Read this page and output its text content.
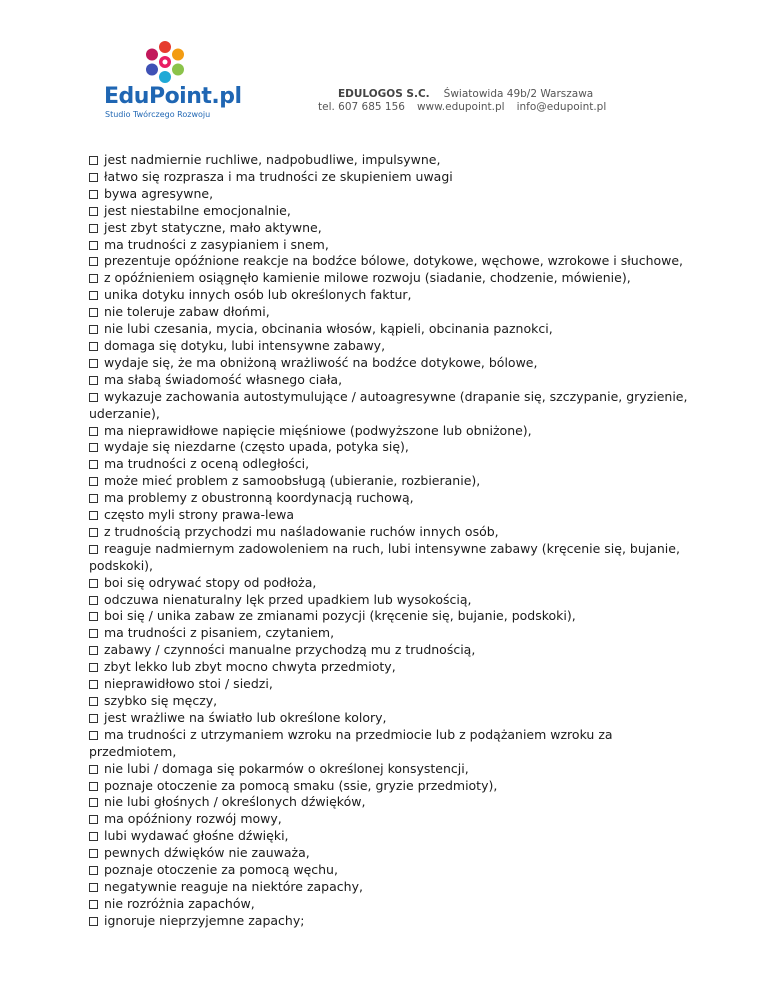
EduPoint.pl
Studio Twórczego Rozwoju
EDULOGOS S.C. Światowida 49b/2 Warszawa
tel. 607 685 156 www.edupoint.pl info@edupoint.pl
jest nadmiernie ruchliwe, nadpobudliwe, impulsywne,
łatwo się rozprasza i ma trudności ze skupieniem uwagi
bywa agresywne,
jest niestabilne emocjonalnie,
jest zbyt statyczne, mało aktywne,
ma trudności z zasypianiem i snem,
prezentuje opóźnione reakcje na bodźce bólowe, dotykowe, węchowe, wzrokowe i słuchowe,
z opóźnieniem osiągnęło kamienie milowe rozwoju (siadanie, chodzenie, mówienie),
unika dotyku innych osób lub określonych faktur,
nie toleruje zabaw dłońmi,
nie lubi czesania, mycia, obcinania włosów, kąpieli, obcinania paznokci,
domaga się dotyku, lubi intensywne zabawy,
wydaje się, że ma obniżoną wrażliwość na bodźce dotykowe, bólowe,
ma słabą świadomość własnego ciała,
wykazuje zachowania autostymulujące / autoagresywne (drapanie się, szczypanie, gryzienie, uderzanie),
ma nieprawidłowe napięcie mięśniowe (podwyższone lub obniżone),
wydaje się niezdarne (często upada, potyka się),
ma trudności z oceną odległości,
może mieć problem z samoobsługą (ubieranie, rozbieranie),
ma problemy z obustronną koordynacją ruchową,
często myli strony prawa-lewa
z trudnością przychodzi mu naśladowanie ruchów innych osób,
reaguje nadmiernym zadowoleniem na ruch, lubi intensywne zabawy (kręcenie się, bujanie, podskoki),
boi się odrywać stopy od podłoża,
odczuwa nienaturalny lęk przed upadkiem lub wysokością,
boi się / unika zabaw ze zmianami pozycji (kręcenie się, bujanie, podskoki),
ma trudności z pisaniem, czytaniem,
zabawy / czynności manualne przychodzą mu z trudnością,
zbyt lekko lub zbyt mocno chwyta przedmioty,
nieprawidłowo stoi / siedzi,
szybko się męczy,
jest wrażliwe na światło lub określone kolory,
ma trudności z utrzymaniem wzroku na przedmiocie lub z podążaniem wzroku za przedmiotem,
nie lubi / domaga się pokarmów o określonej konsystencji,
poznaje otoczenie za pomocą smaku (ssie, gryzie przedmioty),
nie lubi głośnych / określonych dźwięków,
ma opóźniony rozwój mowy,
lubi wydawać głośne dźwięki,
pewnych dźwięków nie zauważa,
poznaje otoczenie za pomocą węchu,
negatywnie reaguje na niektóre zapachy,
nie rozróżnia zapachów,
ignoruje nieprzyjemne zapachy;
